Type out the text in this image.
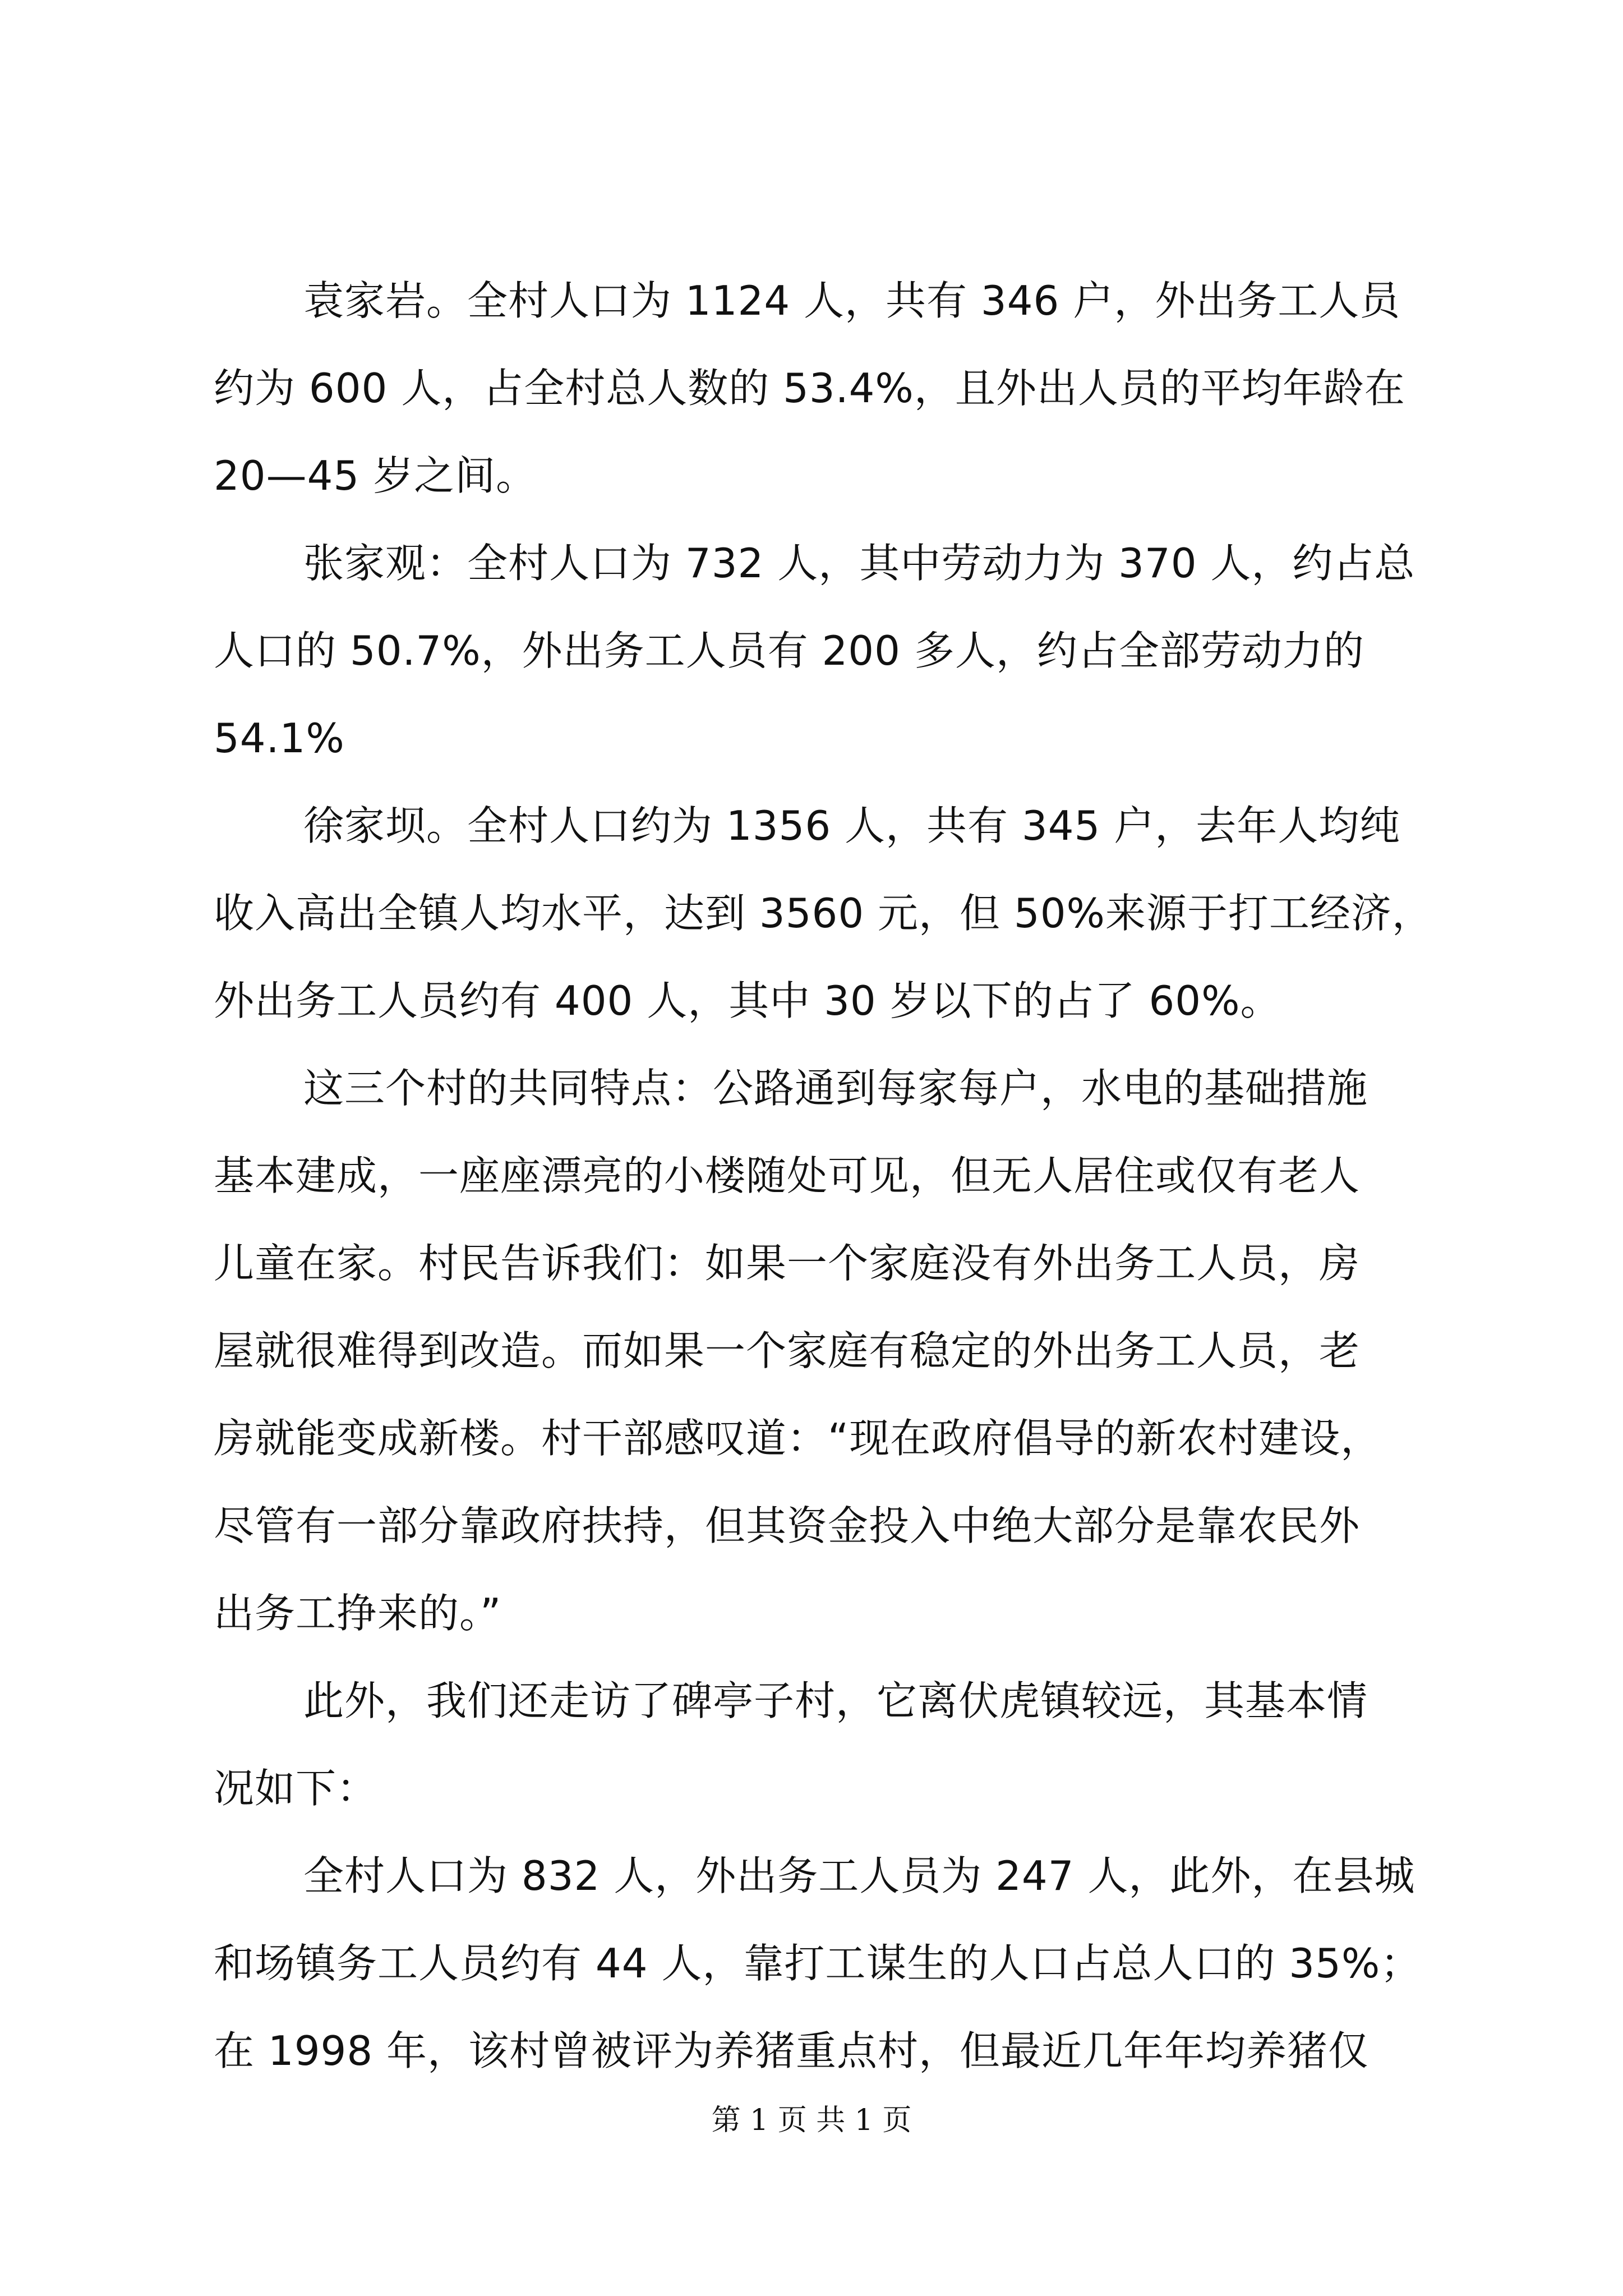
袁家岩。全村人口为 1124 人，共有 346 户，外出务工人员
约为 600 人，占全村总人数的 53.4%，且外出人员的平均年龄在
20—45 岁之间。
张家观：全村人口为 732 人，其中劳动力为 370 人，约占总
人口的 50.7%，外出务工人员有 200 多人，约占全部劳动力的
54.1%
徐家坝。全村人口约为 1356 人，共有 345 户，去年人均纯
收入高出全镇人均水平，达到 3560 元，但 50%来源于打工经济，
外出务工人员约有 400 人，其中 30 岁以下的占了 60%。
这三个村的共同特点：公路通到每家每户，水电的基础措施
基本建成，一座座漂亮的小楼随处可见，但无人居住或仅有老人
儿童在家。村民告诉我们：如果一个家庭没有外出务工人员，房
屋就很难得到改造。而如果一个家庭有稳定的外出务工人员，老
房就能变成新楼。村干部感叹道：“现在政府倡导的新农村建设，
尽管有一部分靠政府扶持，但其资金投入中绝大部分是靠农民外
出务工挣来的。”
此外，我们还走访了碑亭子村，它离伏虎镇较远，其基本情
况如下：
全村人口为 832 人，外出务工人员为 247 人，此外，在县城
和场镇务工人员约有 44 人，靠打工谋生的人口占总人口的 35%；
在 1998 年，该村曾被评为养猪重点村，但最近几年年均养猪仅
第 1 页 共 1 页
